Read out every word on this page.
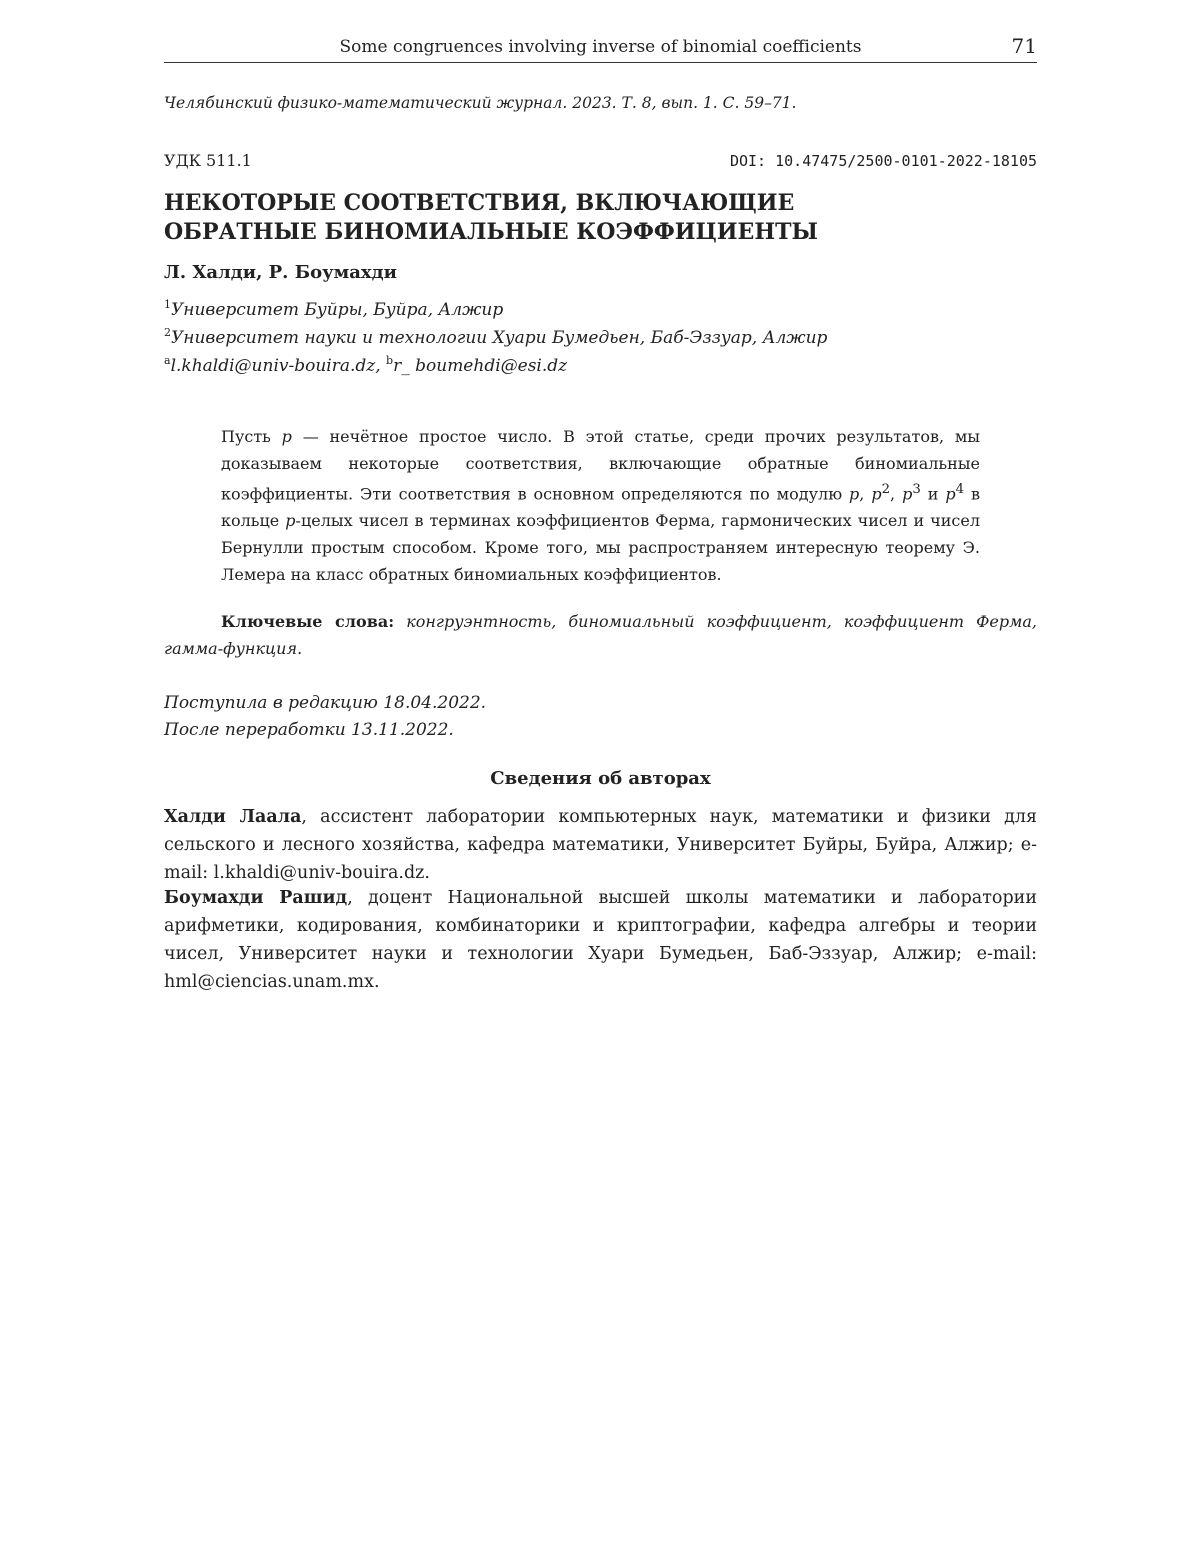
Some congruences involving inverse of binomial coefficients	71
Челябинский физико-математический журнал. 2023. Т. 8, вып. 1. С. 59–71.
УДК 511.1	DOI: 10.47475/2500-0101-2022-18105
НЕКОТОРЫЕ СООТВЕТСТВИЯ, ВКЛЮЧАЮЩИЕ
ОБРАТНЫЕ БИНОМИАЛЬНЫЕ КОЭФФИЦИЕНТЫ
Л. Халди, Р. Боумахди
$^1$Университет Буйры, Буйра, Алжир
$^2$Университет науки и технологии Хуари Бумедьен, Баб-Эззуар, Алжир
$^a$l.khaldi@univ-bouira.dz, $^b$r_ boumehdi@esi.dz
Пусть p — нечётное простое число. В этой статье, среди прочих результатов, мы доказываем некоторые соответствия, включающие обратные биномиальные коэффициенты. Эти соответствия в основном определяются по модулю p, $p^2$, $p^3$ и $p^4$ в кольце p-целых чисел в терминах коэффициентов Ферма, гармонических чисел и чисел Бернулли простым способом. Кроме того, мы распространяем интересную теорему Э. Лемера на класс обратных биномиальных коэффициентов.
Ключевые слова: конгруэнтность, биномиальный коэффициент, коэффициент Ферма, гамма-функция.
Поступила в редакцию 18.04.2022.
После переработки 13.11.2022.
Сведения об авторах
Халди Лаала, ассистент лаборатории компьютерных наук, математики и физики для сельского и лесного хозяйства, кафедра математики, Университет Буйры, Буйра, Алжир; e-mail: l.khaldi@univ-bouira.dz.
Боумахди Рашид, доцент Национальной высшей школы математики и лаборатории арифметики, кодирования, комбинаторики и криптографии, кафедра алгебры и теории чисел, Университет науки и технологии Хуари Бумедьен, Баб-Эззуар, Алжир; e-mail: hml@ciencias.unam.mx.
